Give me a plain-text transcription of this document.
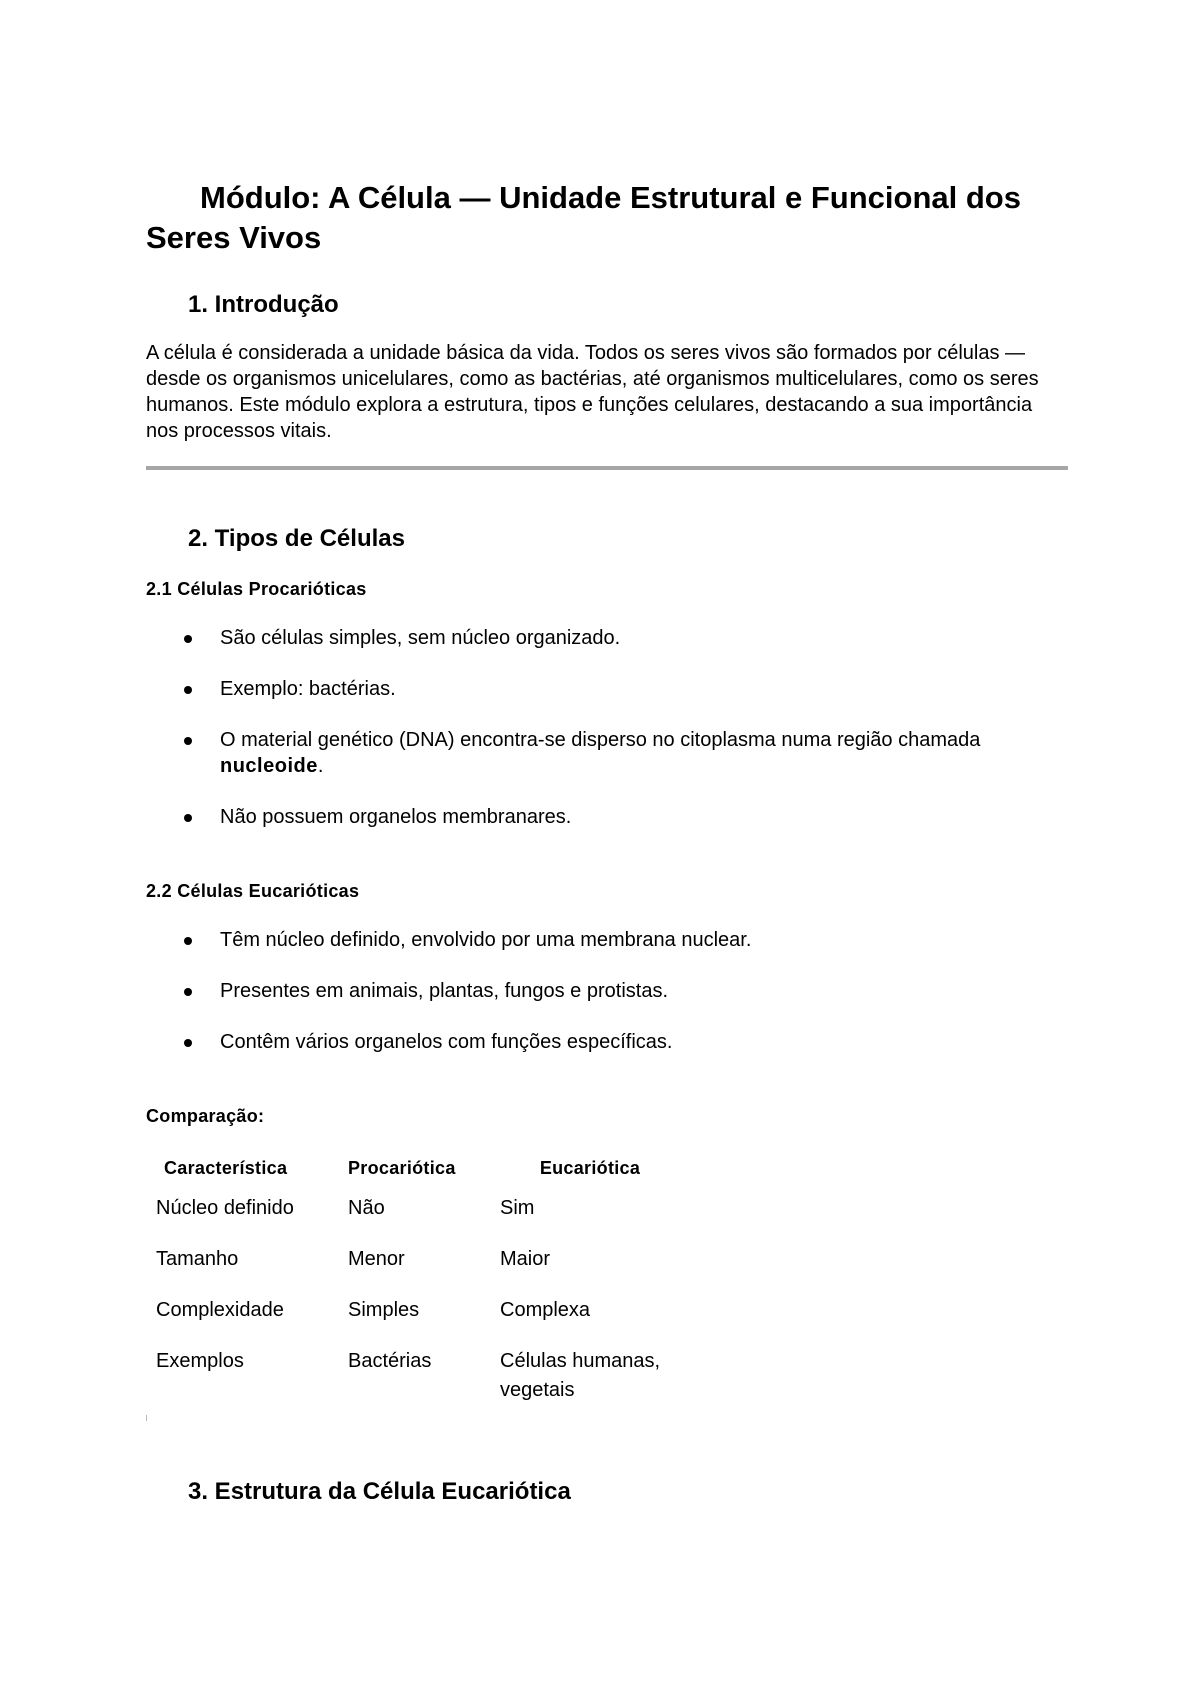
Módulo: A Célula — Unidade Estrutural e Funcional dos Seres Vivos
1. Introdução

A célula é considerada a unidade básica da vida. Todos os seres vivos são formados por células — desde os organismos unicelulares, como as bactérias, até organismos multicelulares, como os seres humanos. Este módulo explora a estrutura, tipos e funções celulares, destacando a sua importância nos processos vitais.

2. Tipos de Células
2.1 Células Procarióticas
São células simples, sem núcleo organizado.
Exemplo: bactérias.
O material genético (DNA) encontra-se disperso no citoplasma numa região chamada nucleoide.
Não possuem organelos membranares.
2.2 Células Eucarióticas
Têm núcleo definido, envolvido por uma membrana nuclear.
Presentes em animais, plantas, fungos e protistas.
Contêm vários organelos com funções específicas.

Comparação:

Característica	Procariótica	Eucariótica
Núcleo definido	Não	Sim
Tamanho	Menor	Maior
Complexidade	Simples	Complexa
Exemplos	Bactérias	Células humanas, vegetais
3. Estrutura da Célula Eucariótica
